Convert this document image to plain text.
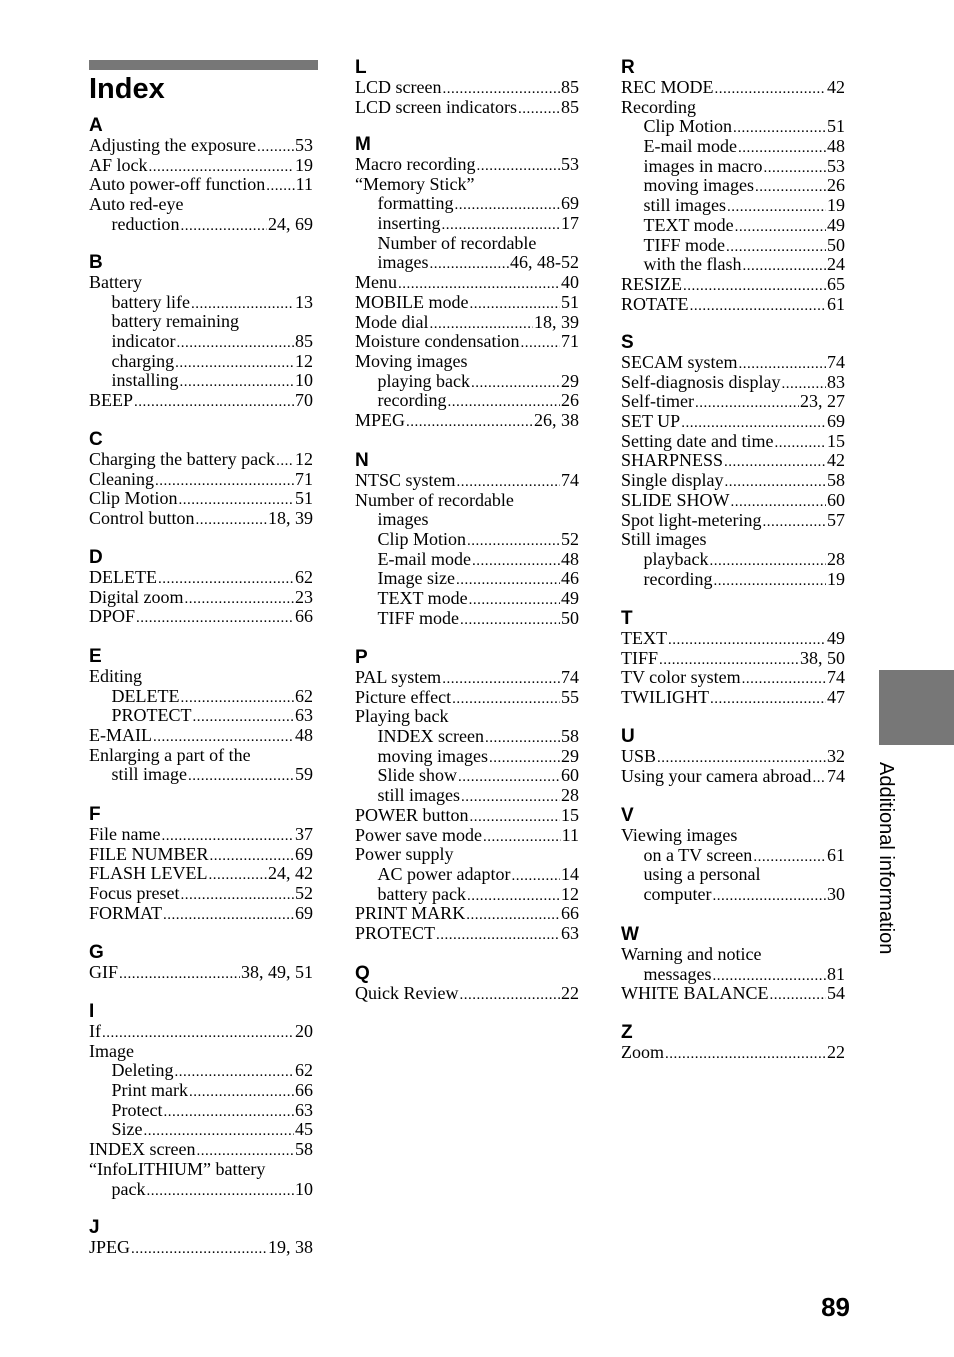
Index
A
Adjusting the exposure ..... 53
AF lock .....	19
Auto power-off function ..... 11
Auto red-eye
reduction .....	24, 69
B
Battery
battery life .....	13
battery remaining
indicator .....	85
charging .....	12
installing .....	10
BEEP .....	70
C
Charging the battery pack ..... 12
Cleaning .....	71
Clip Motion .....	51
Control button .....	18, 39
D
DELETE .....	62
Digital zoom .....	23
DPOF .....	66
E
Editing
DELETE .....	62
PROTECT .....	63
E-MAIL .....	48
Enlarging a part of the
still image .....	59
F
File name .....	37
FILE NUMBER .....	69
FLASH LEVEL .....	24, 42
Focus preset .....	52
FORMAT .....	69
G
GIF .....	38, 49, 51
I
If .....	20
Image
Deleting .....	62
Print mark .....	66
Protect .....	63
Size .....	45
INDEX screen .....	58
“InfoLITHIUM” battery
pack .....	10
J
JPEG .....	19, 38
L
LCD screen .....	85
LCD screen indicators ..... 85
M
Macro recording .....	53
“Memory Stick”
formatting .....	69
inserting .....	17
Number of recordable
images .....	46, 48-52
Menu .....	40
MOBILE mode .....	51
Mode dial .....	18, 39
Moisture condensation ..... 71
Moving images
playing back .....	29
recording .....	26
MPEG .....	26, 38
N
NTSC system .....	74
Number of recordable
images
Clip Motion .....	52
E-mail mode .....	48
Image size .....	46
TEXT mode .....	49
TIFF mode .....	50
P
PAL system .....	74
Picture effect .....	55
Playing back
INDEX screen .....	58
moving images .....	29
Slide show .....	60
still images .....	28
POWER button .....	15
Power save mode .....	11
Power supply
AC power adaptor .....	14
battery pack .....	12
PRINT MARK .....	66
PROTECT .....	63
Q
Quick Review .....	22
R
REC MODE .....	42
Recording
Clip Motion .....	51
E-mail mode .....	48
images in macro .....	53
moving images .....	26
still images .....	19
TEXT mode .....	49
TIFF mode .....	50
with the flash .....	24
RESIZE .....	65
ROTATE .....	61
S
SECAM system .....	74
Self-diagnosis display .....	83
Self-timer .....	23, 27
SET UP .....	69
Setting date and time .....	15
SHARPNESS .....	42
Single display .....	58
SLIDE SHOW .....	60
Spot light-metering .....	57
Still images
playback .....	28
recording .....	19
T
TEXT .....	49
TIFF .....	38, 50
TV color system .....	74
TWILIGHT .....	47
U
USB .....	32
Using your camera abroad ..... 74
V
Viewing images
on a TV screen .....	61
using a personal
computer .....	30
W
Warning and notice
messages .....	81
WHITE BALANCE .....	54
Z
Zoom .....	22
Additional information
89
